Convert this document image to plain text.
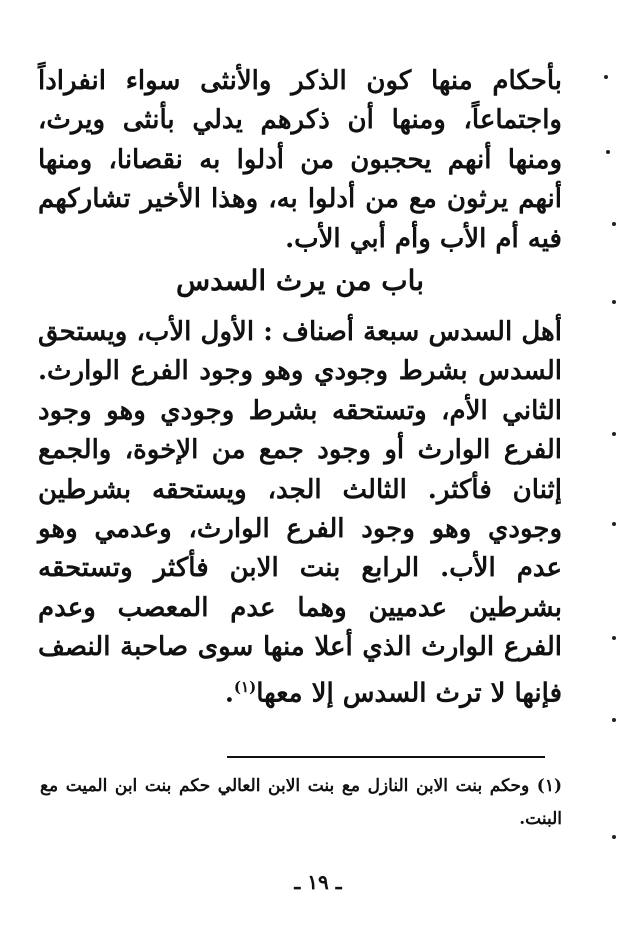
بأحكام منها كون الذكر والأنثى سواء انفراداً واجتماعاً، ومنها أن ذكرهم يدلي بأنثى ويرث، ومنها أنهم يحجبون من أدلوا به نقصانا، ومنها أنهم يرثون مع من أدلوا به، وهذا الأخير تشاركهم فيه أم الأب وأم أبي الأب.

باب من يرث السدس

أهل السدس سبعة أصناف : الأول الأب، ويستحق السدس بشرط وجودي وهو وجود الفرع الوارث. الثاني الأم، وتستحقه بشرط وجودي وهو وجود الفرع الوارث أو وجود جمع من الإخوة، والجمع إثنان فأكثر. الثالث الجد، ويستحقه بشرطين وجودي وهو وجود الفرع الوارث، وعدمي وهو عدم الأب. الرابع بنت الابن فأكثر وتستحقه بشرطين عدميين وهما عدم المعصب وعدم الفرع الوارث الذي أعلا منها سوى صاحبة النصف فإنها لا ترث السدس إلا معها$^{(١)}$.

(١) وحكم بنت الابن النازل مع بنت الابن العالي حكم بنت ابن الميت مع البنت.
ـ ١٩ ـ
